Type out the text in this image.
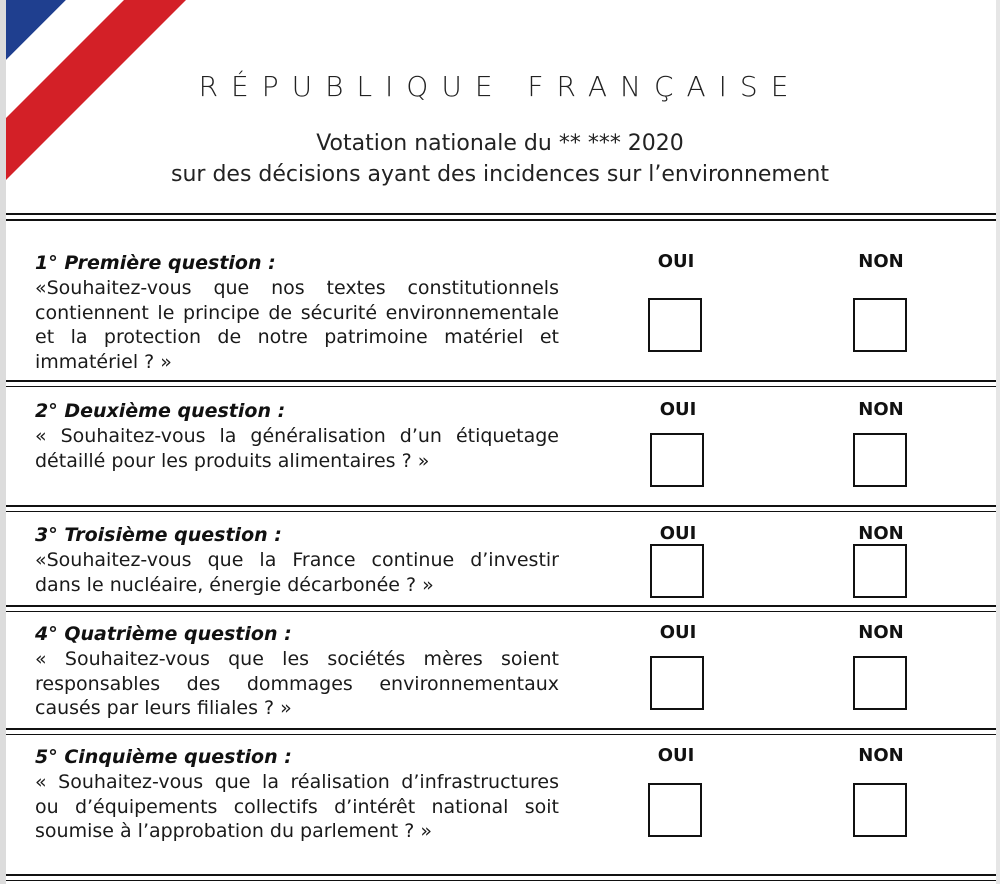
RÉPUBLIQUE FRANÇAISE
Votation nationale du ** *** 2020
sur des décisions ayant des incidences sur l’environnement
1° Première question :
«Souhaitez-vous que nos textes constitutionnels contiennent le principe de sécurité environnementale et la protection de notre patrimoine matériel et immatériel ? »
OUI	NON
2° Deuxième question :
« Souhaitez-vous la généralisation d’un étiquetage détaillé pour les produits alimentaires ? »
OUI	NON
3° Troisième question :
«Souhaitez-vous que la France continue d’investir dans le nucléaire, énergie décarbonée ? »
OUI	NON
4° Quatrième question :
« Souhaitez-vous que les sociétés mères soient responsables des dommages environnementaux causés par leurs filiales ? »
OUI	NON
5° Cinquième question :
« Souhaitez-vous que la réalisation d’infrastructures ou d’équipements collectifs d’intérêt national soit soumise à l’approbation du parlement ? »
OUI	NON
